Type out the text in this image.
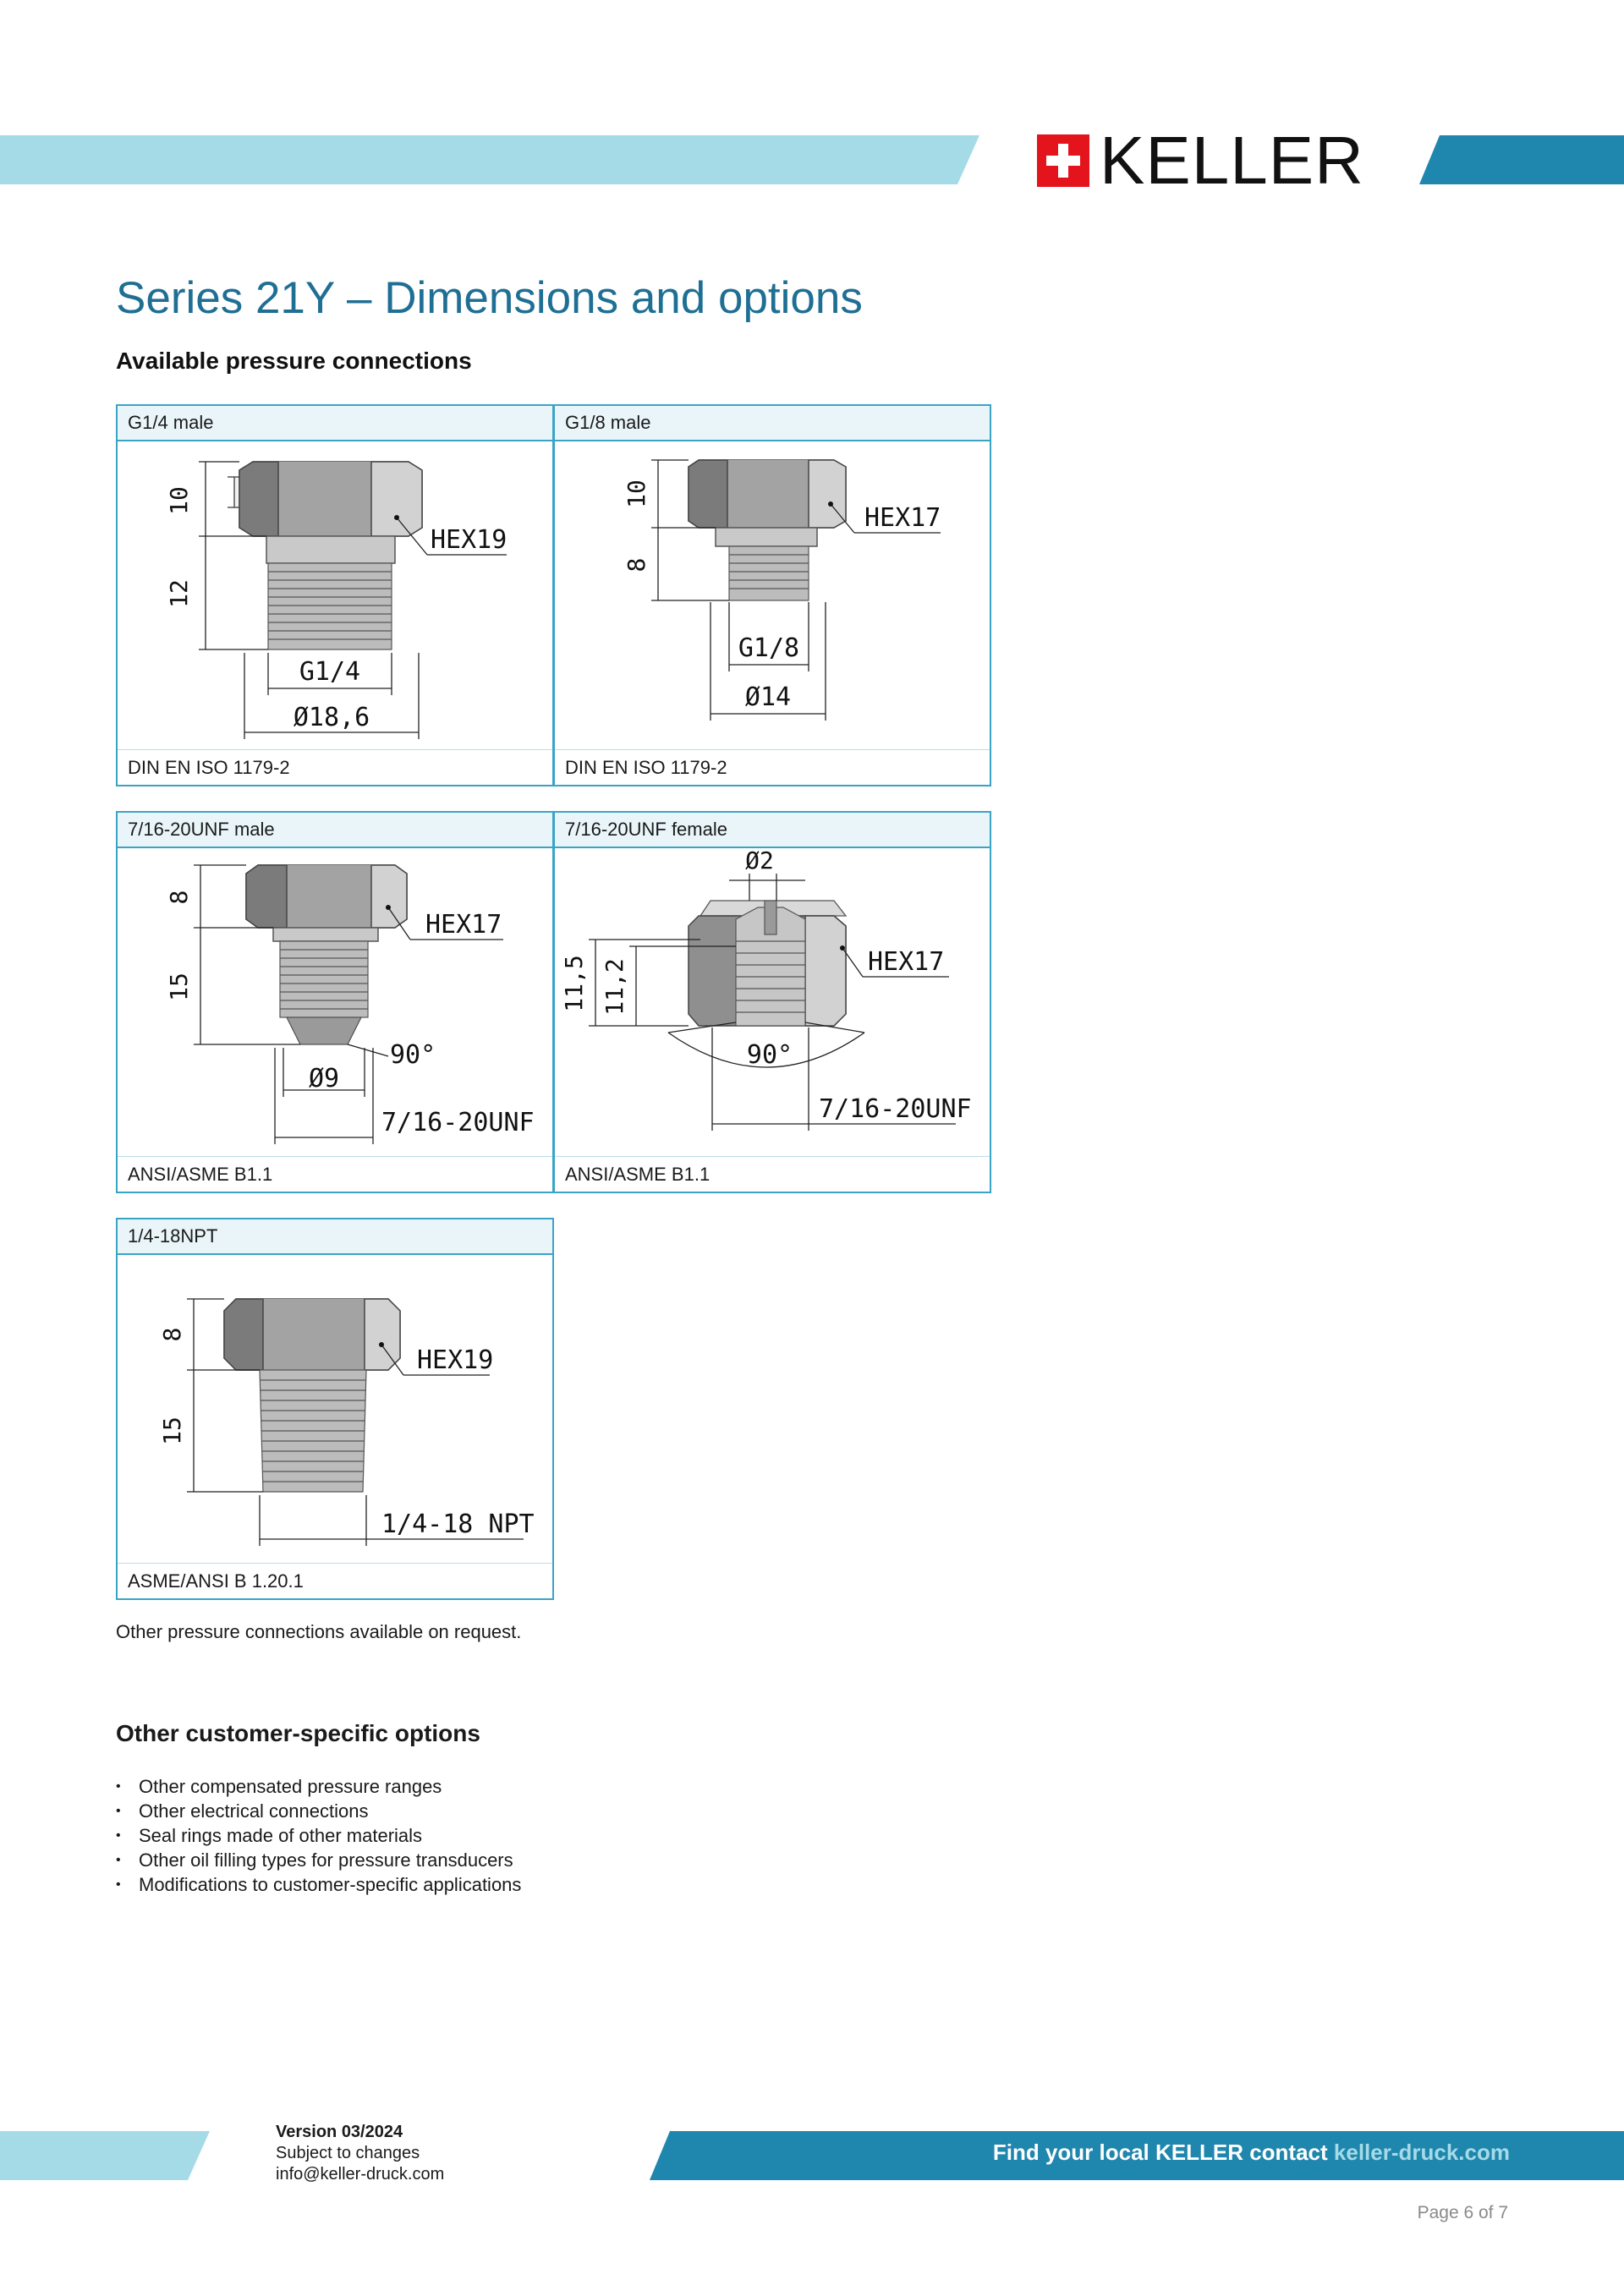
KELLER
Series 21Y – Dimensions and options
Available pressure connections
G1/4 male
10
12
HEX19
G1/4
Ø18,6
DIN EN ISO 1179-2
G1/8 male
10
8
HEX17
G1/8
Ø14
DIN EN ISO 1179-2
7/16-20UNF male
8
15
HEX17
90°
Ø9
7/16-20UNF
ANSI/ASME B1.1
7/16-20UNF female
Ø2
11,5 11,2	HEX17
90°
7/16-20UNF
ANSI/ASME B1.1
1/4-18NPT
8
15
HEX19
1/4-18 NPT
ASME/ANSI B 1.20.1

Other pressure connections available on request.

Other customer-specific options
• Other compensated pressure ranges
• Other electrical connections
• Seal rings made of other materials
• Other oil filling types for pressure transducers
• Modifications to customer-specific applications
Version 03/2024
Subject to changes
info@keller-druck.com
Find your local KELLER contact keller-druck.com
Page 6 of 7
